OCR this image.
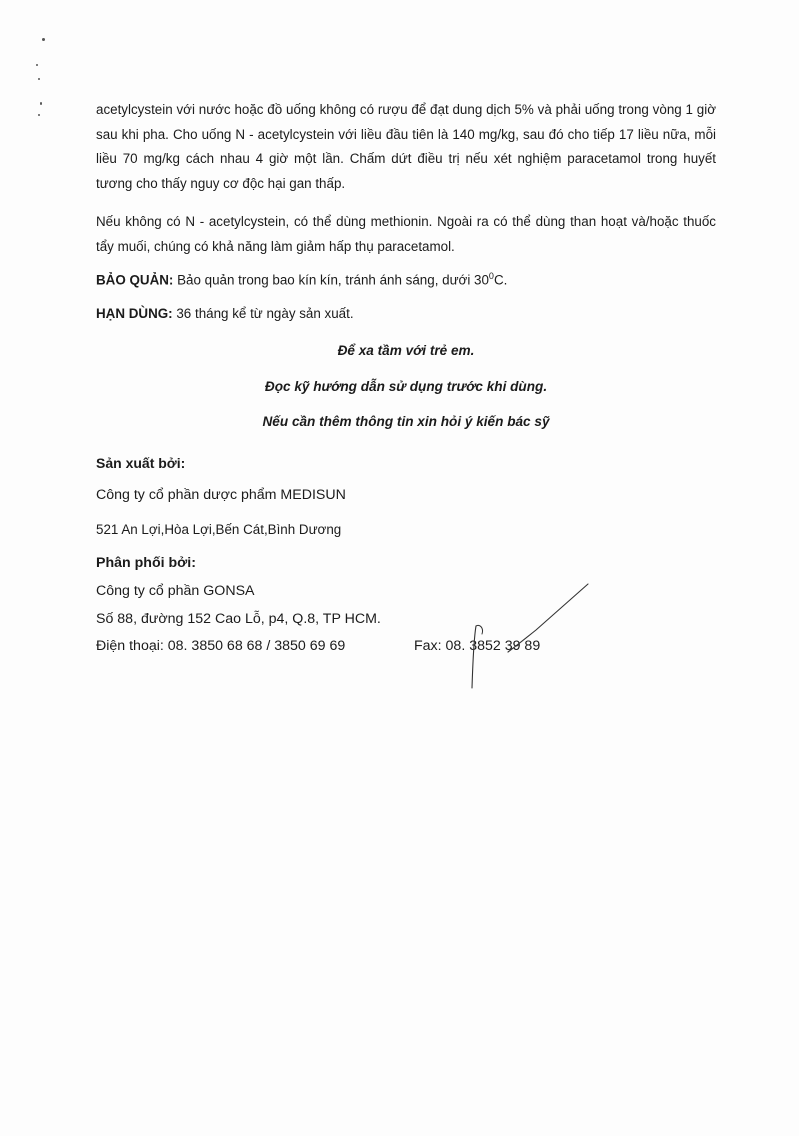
acetylcystein với nước hoặc đồ uống không có rượu để đạt dung dịch 5% và phải uống trong vòng 1 giờ sau khi pha. Cho uống N - acetylcystein với liều đầu tiên là 140 mg/kg, sau đó cho tiếp 17 liều nữa, mỗi liều 70 mg/kg cách nhau 4 giờ một lần. Chấm dứt điều trị nếu xét nghiệm paracetamol trong huyết tương cho thấy nguy cơ độc hại gan thấp.
Nếu không có N - acetylcystein, có thể dùng methionin. Ngoài ra có thể dùng than hoạt và/hoặc thuốc tẩy muối, chúng có khả năng làm giảm hấp thụ paracetamol.
BẢO QUẢN: Bảo quản trong bao kín kín, tránh ánh sáng, dưới $30^0C$.
HẠN DÙNG: 36 tháng kể từ ngày sản xuất.
Để xa tầm với trẻ em.
Đọc kỹ hướng dẫn sử dụng trước khi dùng.
Nếu cần thêm thông tin xin hỏi ý kiến bác sỹ
Sản xuất bởi:
Công ty cổ phần dược phẩm MEDISUN
521 An Lợi,Hòa Lợi,Bến Cát,Bình Dương
Phân phối bởi:
Công ty cổ phần GONSA
Số 88, đường 152 Cao Lỗ, p4, Q.8, TP HCM.
Điện thoại: 08. 3850 68 68 / 3850 69 69	Fax: 08. 3852 39 89
